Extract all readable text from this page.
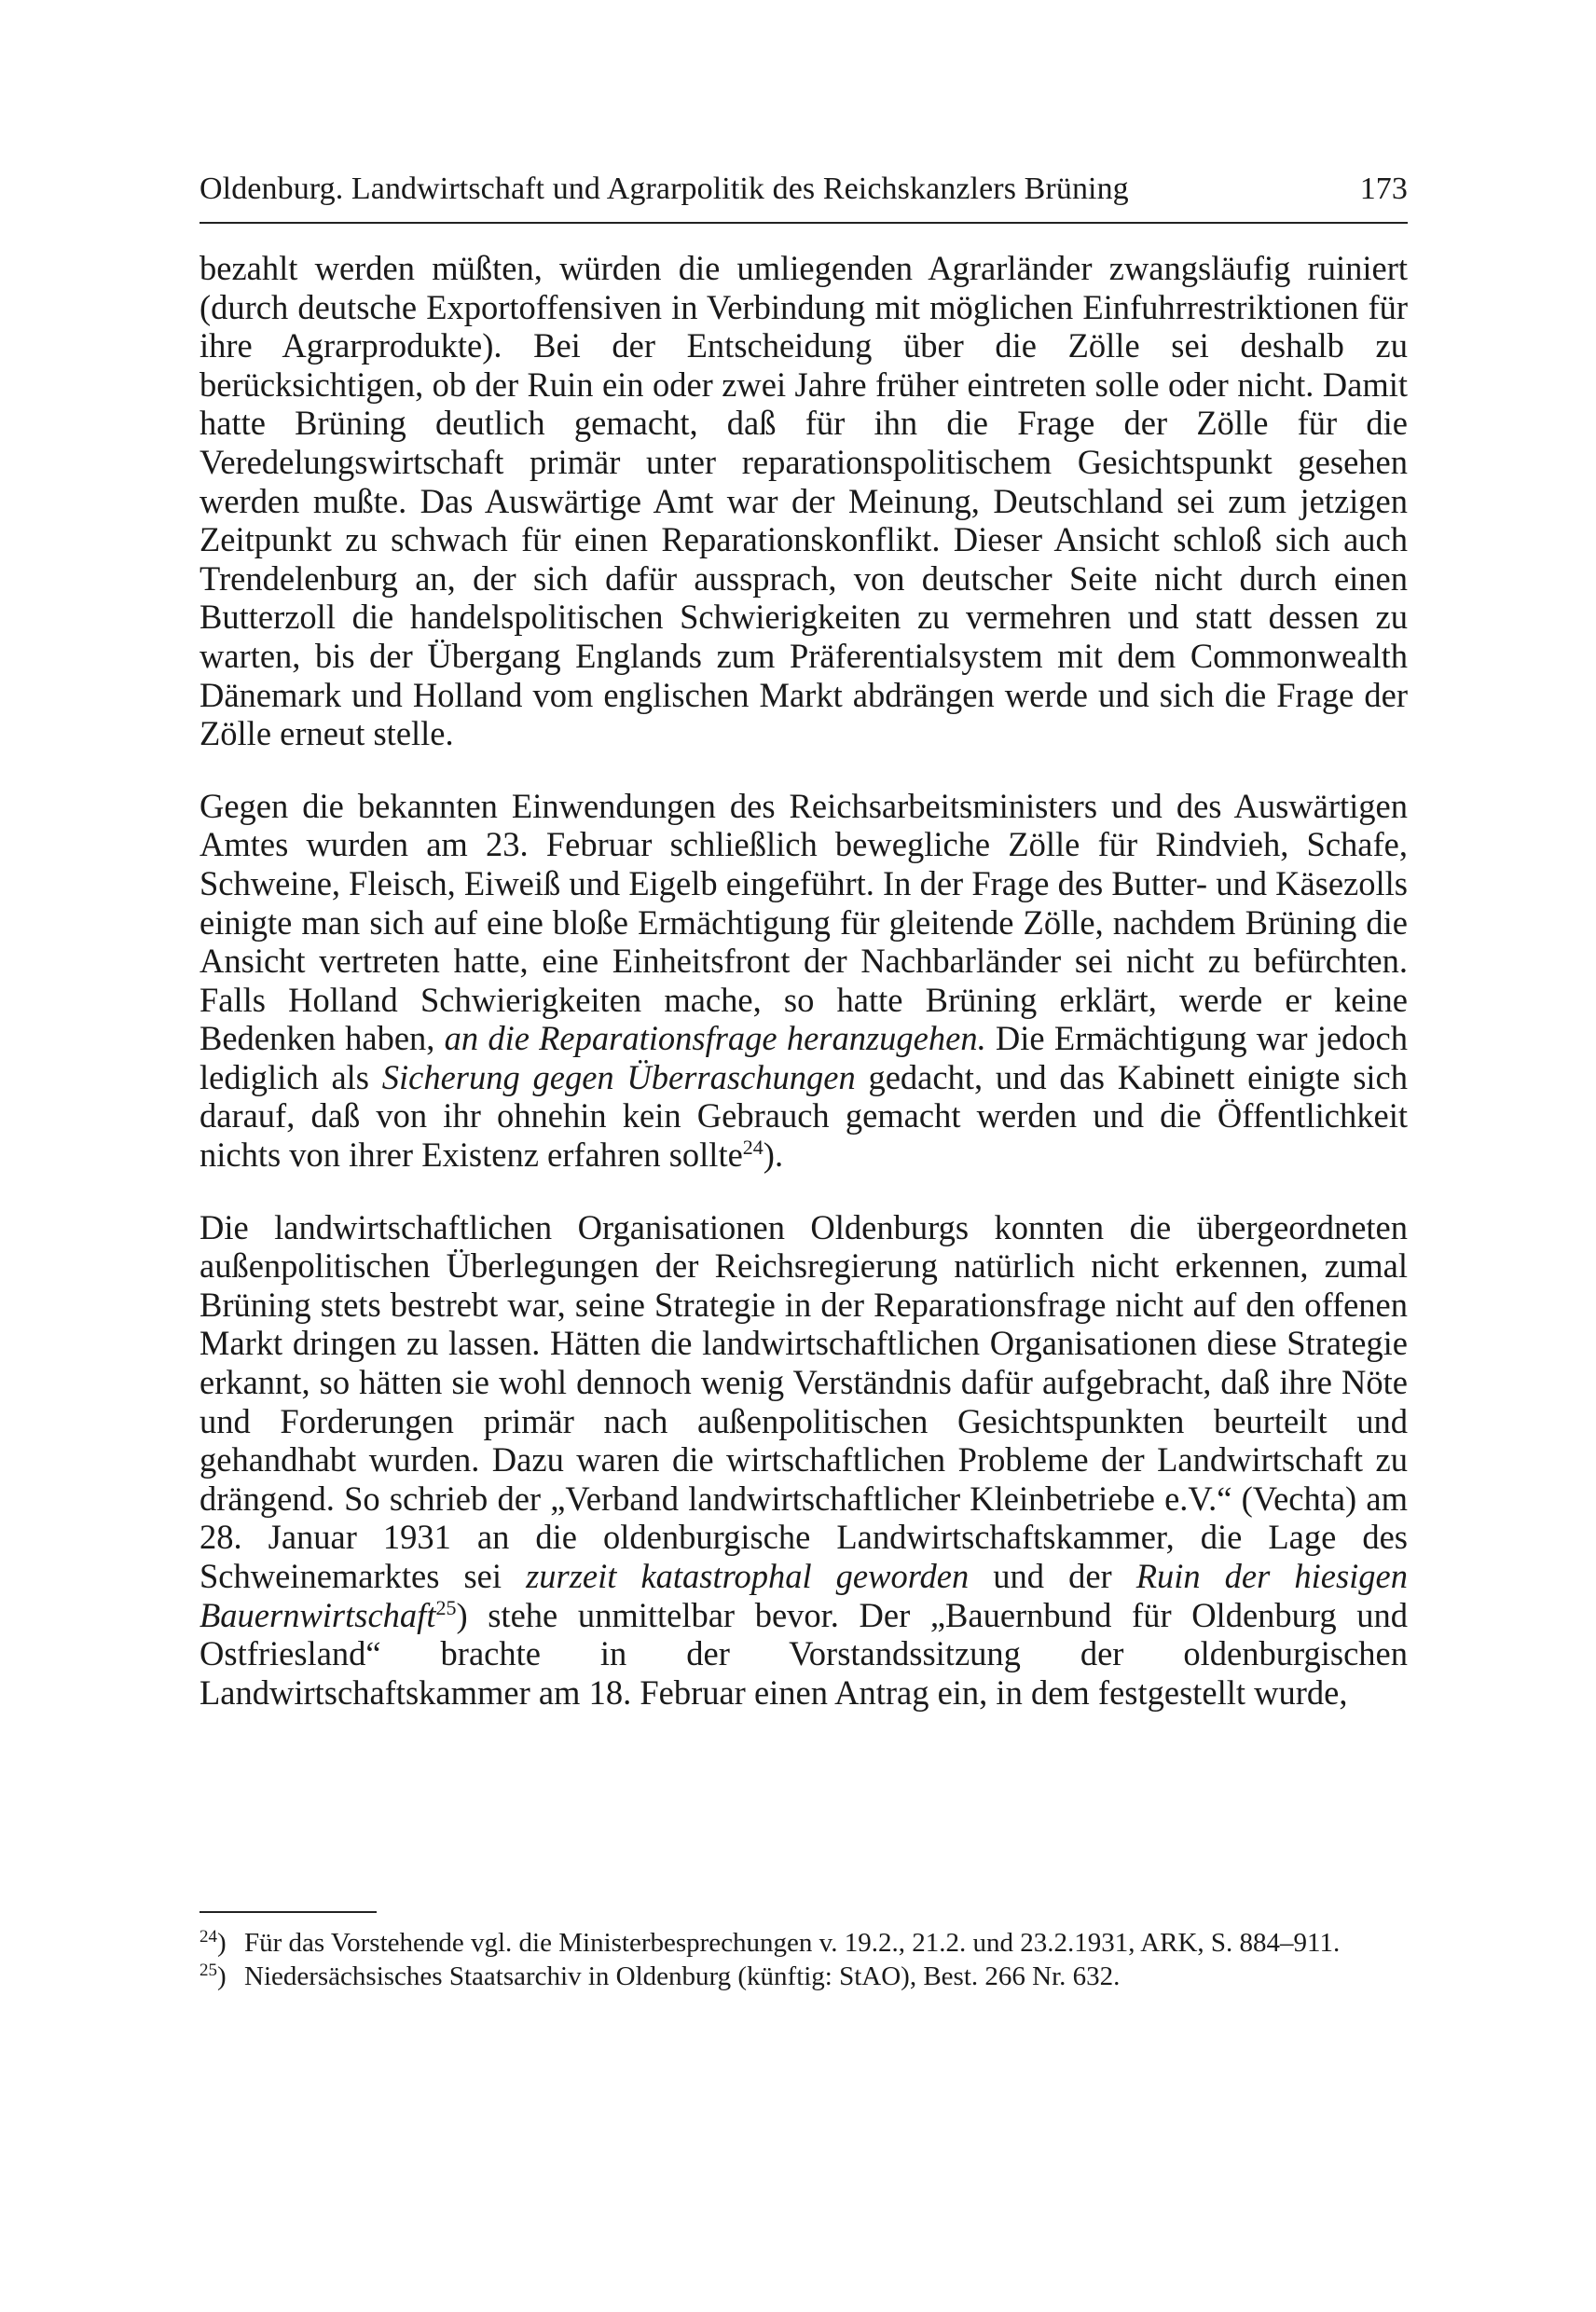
Oldenburg. Landwirtschaft und Agrarpolitik des Reichskanzlers Brüning	173

bezahlt werden müßten, würden die umliegenden Agrarländer zwangsläufig ruiniert (durch deutsche Exportoffensiven in Verbindung mit möglichen Einfuhrrestriktionen für ihre Agrarprodukte). Bei der Entscheidung über die Zölle sei deshalb zu berücksichtigen, ob der Ruin ein oder zwei Jahre früher eintreten solle oder nicht. Damit hatte Brüning deutlich gemacht, daß für ihn die Frage der Zölle für die Veredelungswirtschaft primär unter reparationspolitischem Gesichtspunkt gesehen werden mußte. Das Auswärtige Amt war der Meinung, Deutschland sei zum jetzigen Zeitpunkt zu schwach für einen Reparationskonflikt. Dieser Ansicht schloß sich auch Trendelenburg an, der sich dafür aussprach, von deutscher Seite nicht durch einen Butterzoll die handelspolitischen Schwierigkeiten zu vermehren und statt dessen zu warten, bis der Übergang Englands zum Präferentialsystem mit dem Commonwealth Dänemark und Holland vom englischen Markt abdrängen werde und sich die Frage der Zölle erneut stelle.

Gegen die bekannten Einwendungen des Reichsarbeitsministers und des Auswärtigen Amtes wurden am 23. Februar schließlich bewegliche Zölle für Rindvieh, Schafe, Schweine, Fleisch, Eiweiß und Eigelb eingeführt. In der Frage des Butter- und Käsezolls einigte man sich auf eine bloße Ermächtigung für gleitende Zölle, nachdem Brüning die Ansicht vertreten hatte, eine Einheitsfront der Nachbarländer sei nicht zu befürchten. Falls Holland Schwierigkeiten mache, so hatte Brüning erklärt, werde er keine Bedenken haben, an die Reparationsfrage heranzugehen. Die Ermächtigung war jedoch lediglich als Sicherung gegen Überraschungen gedacht, und das Kabinett einigte sich darauf, daß von ihr ohnehin kein Gebrauch gemacht werden und die Öffentlichkeit nichts von ihrer Existenz erfahren sollte$^{24}$).

Die landwirtschaftlichen Organisationen Oldenburgs konnten die übergeordneten außenpolitischen Überlegungen der Reichsregierung natürlich nicht erkennen, zumal Brüning stets bestrebt war, seine Strategie in der Reparationsfrage nicht auf den offenen Markt dringen zu lassen. Hätten die landwirtschaftlichen Organisationen diese Strategie erkannt, so hätten sie wohl dennoch wenig Verständnis dafür aufgebracht, daß ihre Nöte und Forderungen primär nach außenpolitischen Gesichtspunkten beurteilt und gehandhabt wurden. Dazu waren die wirtschaftlichen Probleme der Landwirtschaft zu drängend. So schrieb der „Verband landwirtschaftlicher Kleinbetriebe e.V.“ (Vechta) am 28. Januar 1931 an die oldenburgische Landwirtschaftskammer, die Lage des Schweinemarktes sei zurzeit katastrophal geworden und der Ruin der hiesigen Bauernwirtschaft$^{25}$) stehe unmittelbar bevor. Der „Bauernbund für Oldenburg und Ostfriesland“ brachte in der Vorstandssitzung der oldenburgischen Landwirtschaftskammer am 18. Februar einen Antrag ein, in dem festgestellt wurde,

$^{24}$) Für das Vorstehende vgl. die Ministerbesprechungen v. 19.2., 21.2. und 23.2.1931, ARK, S. 884–911.
$^{25}$) Niedersächsisches Staatsarchiv in Oldenburg (künftig: StAO), Best. 266 Nr. 632.
